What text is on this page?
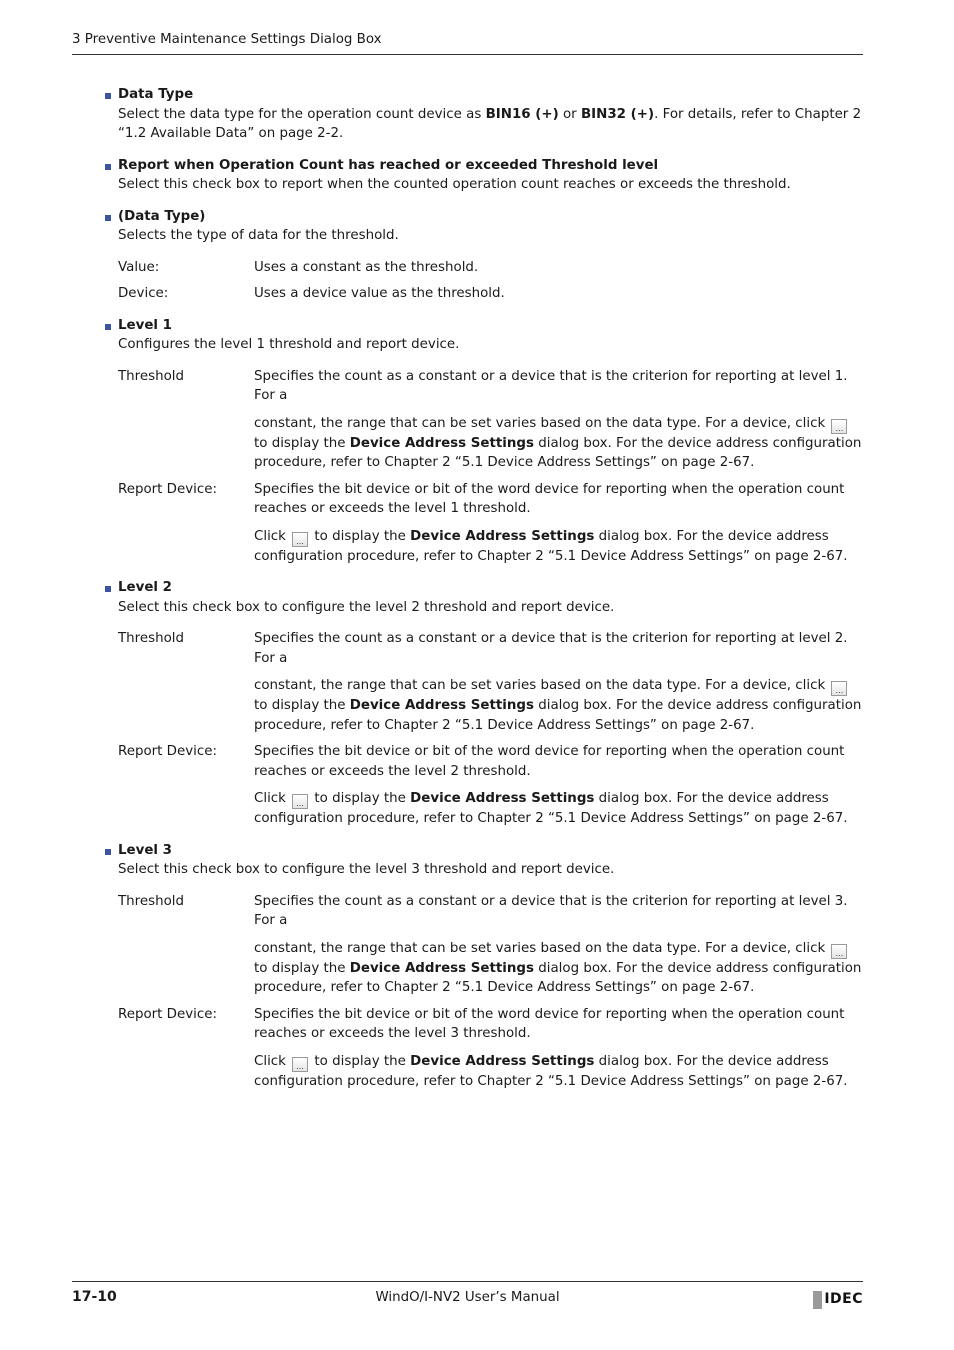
3 Preventive Maintenance Settings Dialog Box
Data Type
Select the data type for the operation count device as BIN16 (+) or BIN32 (+). For details, refer to Chapter 2 “1.2 Available Data” on page 2-2.
Report when Operation Count has reached or exceeded Threshold level
Select this check box to report when the counted operation count reaches or exceeds the threshold.
(Data Type)
Selects the type of data for the threshold.
Value:	Uses a constant as the threshold.
Device:	Uses a device value as the threshold.
Level 1
Configures the level 1 threshold and report device.
Threshold	Specifies the count as a constant or a device that is the criterion for reporting at level 1. For a

constant, the range that can be set varies based on the data type. For a device, click ... to display the Device Address Settings dialog box. For the device address configuration procedure, refer to Chapter 2 “5.1 Device Address Settings” on page 2-67.

Report Device:	Specifies the bit device or bit of the word device for reporting when the operation count reaches or exceeds the level 1 threshold.

Click ... to display the Device Address Settings dialog box. For the device address configuration procedure, refer to Chapter 2 “5.1 Device Address Settings” on page 2-67.

Level 2
Select this check box to configure the level 2 threshold and report device.
Threshold	Specifies the count as a constant or a device that is the criterion for reporting at level 2. For a

constant, the range that can be set varies based on the data type. For a device, click ... to display the Device Address Settings dialog box. For the device address configuration procedure, refer to Chapter 2 “5.1 Device Address Settings” on page 2-67.

Report Device:	Specifies the bit device or bit of the word device for reporting when the operation count reaches or exceeds the level 2 threshold.

Click ... to display the Device Address Settings dialog box. For the device address configuration procedure, refer to Chapter 2 “5.1 Device Address Settings” on page 2-67.

Level 3
Select this check box to configure the level 3 threshold and report device.
Threshold	Specifies the count as a constant or a device that is the criterion for reporting at level 3. For a

constant, the range that can be set varies based on the data type. For a device, click ... to display the Device Address Settings dialog box. For the device address configuration procedure, refer to Chapter 2 “5.1 Device Address Settings” on page 2-67.

Report Device:	Specifies the bit device or bit of the word device for reporting when the operation count reaches or exceeds the level 3 threshold.

Click ... to display the Device Address Settings dialog box. For the device address configuration procedure, refer to Chapter 2 “5.1 Device Address Settings” on page 2-67.

17-10	WindO/I-NV2 User’s Manual	IDEC
